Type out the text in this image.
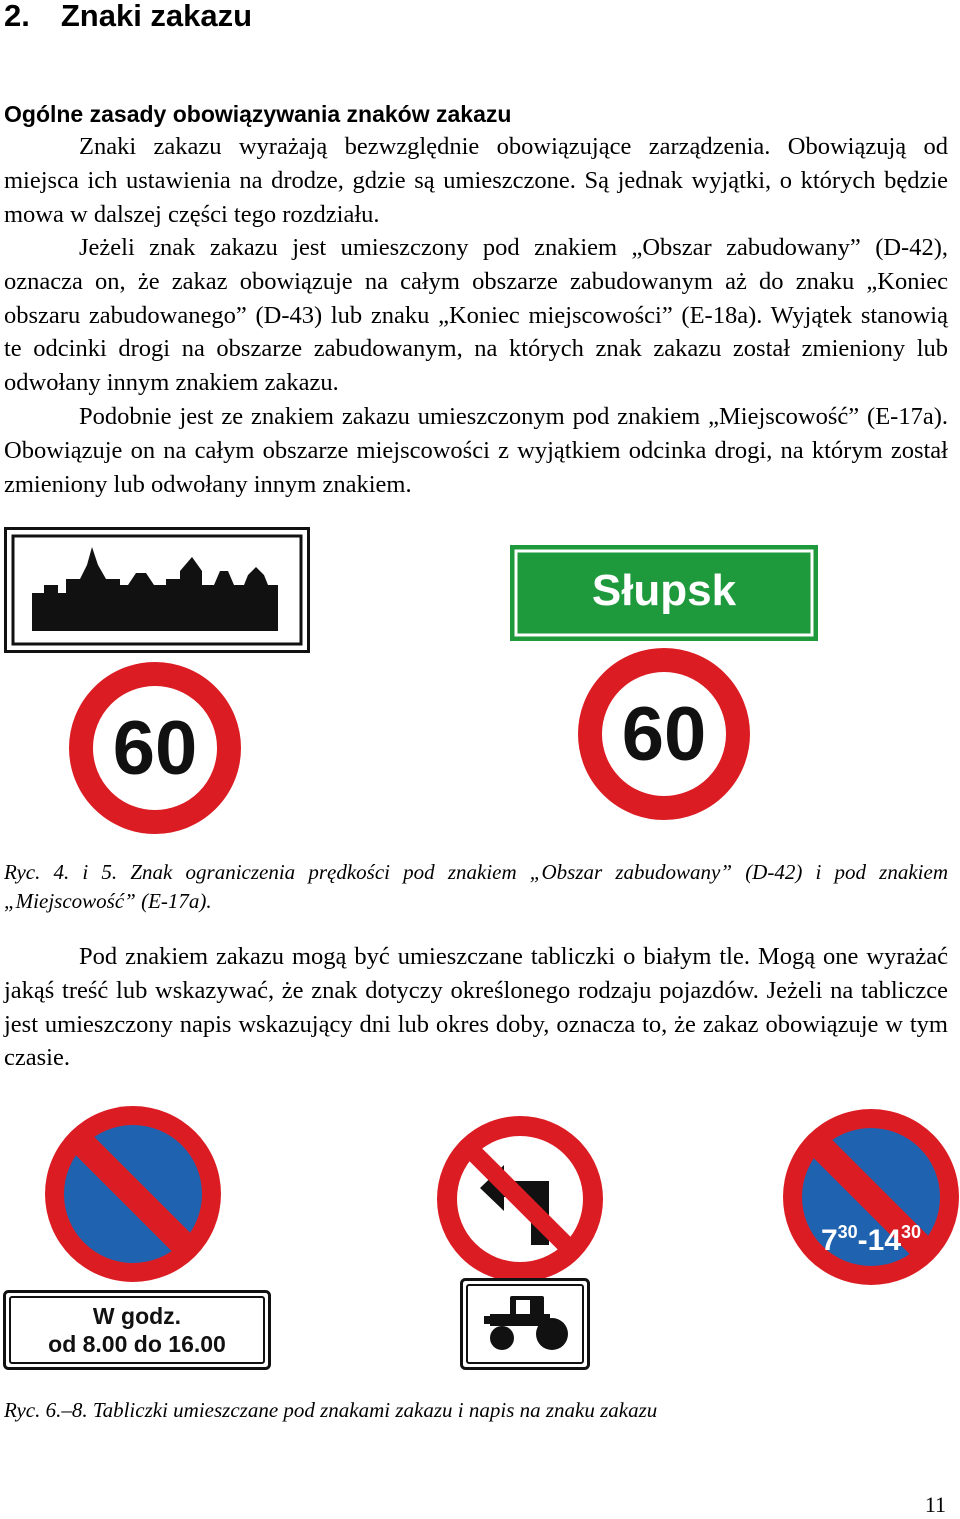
2. Znaki zakazu
Ogólne zasady obowiązywania znaków zakazu

Znaki zakazu wyrażają bezwzględnie obowiązujące zarządzenia. Obowiązują od miejsca ich ustawienia na drodze, gdzie są umieszczone. Są jednak wyjątki, o których będzie mowa w dalszej części tego rozdziału.

Jeżeli znak zakazu jest umieszczony pod znakiem „Obszar zabudowany” (D-42), oznacza on, że zakaz obowiązuje na całym obszarze zabudowanym aż do znaku „Koniec obszaru zabudowanego” (D-43) lub znaku „Koniec miejscowości” (E-18a). Wyjątek stanowią te odcinki drogi na obszarze zabudowanym, na których znak zakazu został zmieniony lub odwołany innym znakiem zakazu.

Podobnie jest ze znakiem zakazu umieszczonym pod znakiem „Miejscowość” (E-17a). Obowiązuje on na całym obszarze miejscowości z wyjątkiem odcinka drogi, na którym został zmieniony lub odwołany innym znakiem.

Słupsk
60	60

Ryc. 4. i 5. Znak ograniczenia prędkości pod znakiem „Obszar zabudowany” (D-42) i pod znakiem „Miejscowość” (E-17a).

Pod znakiem zakazu mogą być umieszczane tabliczki o białym tle. Mogą one wyrażać jakąś treść lub wskazywać, że znak dotyczy określonego rodzaju pojazdów. Jeżeli na tabliczce jest umieszczony napis wskazujący dni lub okres doby, oznacza to, że zakaz obowiązuje w tym czasie.

W godz.
od 8.00 do 16.00
$7^{30}-14^{30}$

Ryc. 6.–8. Tabliczki umieszczane pod znakami zakazu i napis na znaku zakazu

11
